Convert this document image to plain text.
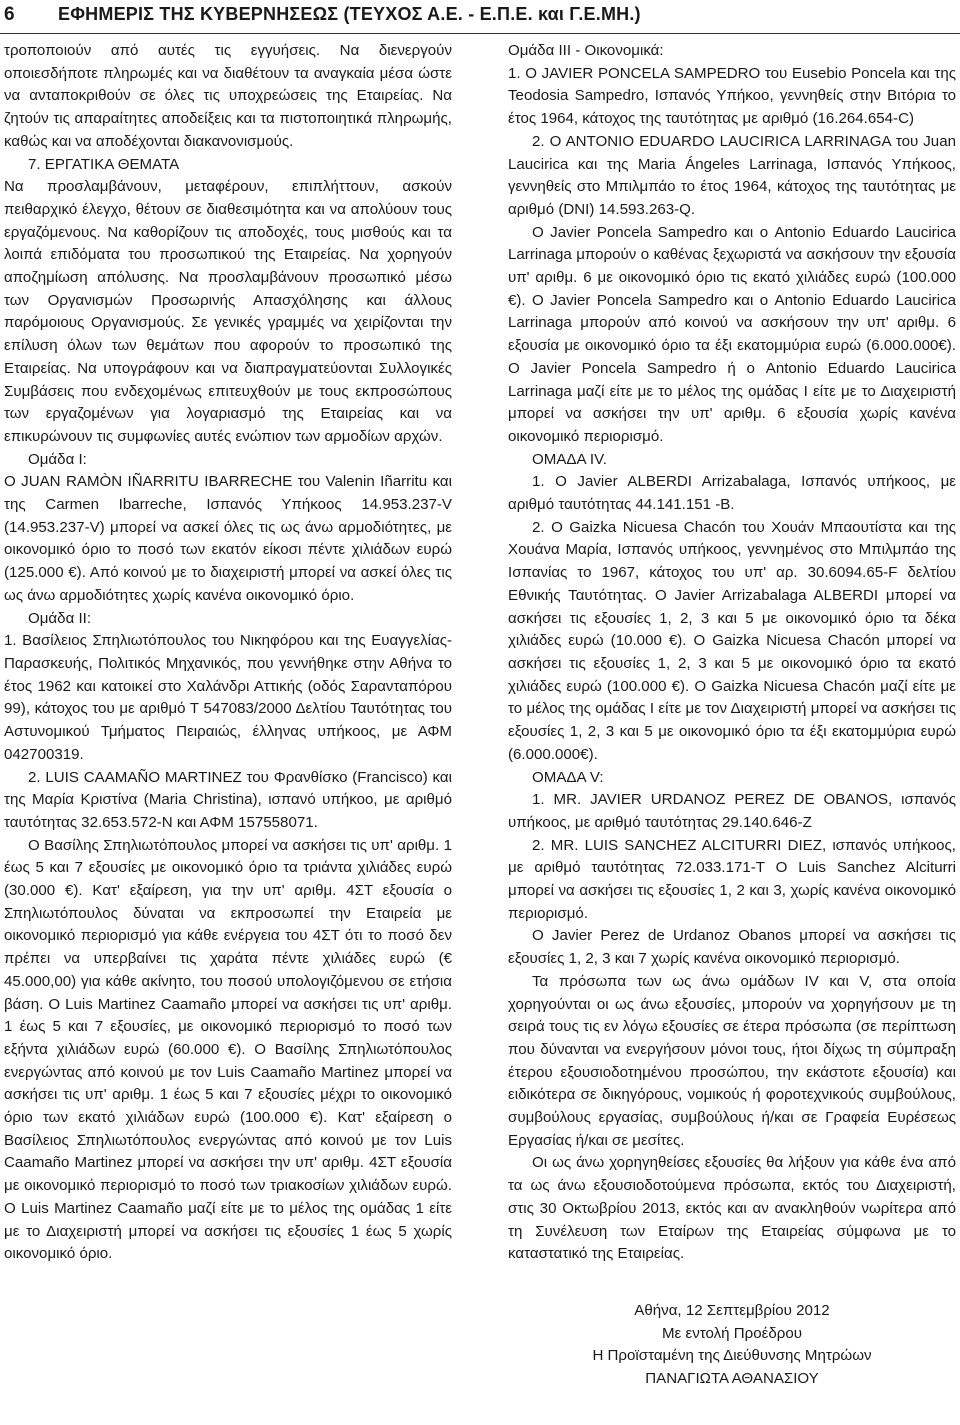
6 ΕΦΗΜΕΡΙΣ ΤΗΣ ΚΥΒΕΡΝΗΣΕΩΣ (ΤΕΥΧΟΣ Α.Ε. - Ε.Π.Ε. και Γ.Ε.ΜΗ.)

τροποποιούν από αυτές τις εγγυήσεις. Να διενεργούν οποιεσδήποτε πληρωμές και να διαθέτουν τα αναγκαία μέσα ώστε να ανταποκριθούν σε όλες τις υποχρεώσεις της Εταιρείας. Να ζητούν τις απαραίτητες αποδείξεις και τα πιστοποιητικά πληρωμής, καθώς και να αποδέχονται διακανονισμούς.

7. ΕΡΓΑΤΙΚΑ ΘΕΜΑΤΑ

Να προσλαμβάνουν, μεταφέρουν, επιπλήττουν, ασκούν πειθαρχικό έλεγχο, θέτουν σε διαθεσιμότητα και να απολύουν τους εργαζόμενους. Να καθορίζουν τις αποδοχές, τους μισθούς και τα λοιπά επιδόματα του προσωπικού της Εταιρείας. Να χορηγούν αποζημίωση απόλυσης. Να προσλαμβάνουν προσωπικό μέσω των Οργανισμών Προσωρινής Απασχόλησης και άλλους παρόμοιους Οργανισμούς. Σε γενικές γραμμές να χειρίζονται την επίλυση όλων των θεμάτων που αφορούν το προσωπικό της Εταιρείας. Να υπογράφουν και να διαπραγματεύονται Συλλογικές Συμβάσεις που ενδεχομένως επιτευχθούν με τους εκπροσώπους των εργαζομένων για λογαριασμό της Εταιρείας και να επικυρώνουν τις συμφωνίες αυτές ενώπιον των αρμοδίων αρχών.

Ομάδα Ι:

O JUAN RAMÒN IÑARRITU IBARRECHE του Valenin Iñarritu και της Carmen Ibarreche, Ισπανός Υπήκοος 14.953.237-V (14.953.237-V) μπορεί να ασκεί όλες τις ως άνω αρμοδιότητες, με οικονομικό όριο το ποσό των εκατόν είκοσι πέντε χιλιάδων ευρώ (125.000 €). Από κοινού με το διαχειριστή μπορεί να ασκεί όλες τις ως άνω αρμοδιότητες χωρίς κανένα οικονομικό όριο.

Ομάδα ΙΙ:

1. Βασίλειος Σπηλιωτόπουλος του Νικηφόρου και της Ευαγγελίας- Παρασκευής, Πολιτικός Μηχανικός, που γεννήθηκε στην Αθήνα το έτος 1962 και κατοικεί στο Χαλάνδρι Αττικής (οδός Σαρανταπόρου 99), κάτοχος του με αριθμό Τ 547083/2000 Δελτίου Ταυτότητας του Αστυνομικού Τμήματος Πειραιώς, έλληνας υπήκοος, με ΑΦΜ 042700319.

2. LUIS CAAMAÑO MARTINEZ του Φρανθίσκο (Francisco) και της Μαρία Κριστίνα (Maria Christina), ισπανό υπήκοο, με αριθμό ταυτότητας 32.653.572-N και ΑΦΜ 157558071.

Ο Βασίλης Σπηλιωτόπουλος μπορεί να ασκήσει τις υπ' αριθμ. 1 έως 5 και 7 εξουσίες με οικονομικό όριο τα τριάντα χιλιάδες ευρώ (30.000 €). Κατ' εξαίρεση, για την υπ' αριθμ. 4ΣΤ εξουσία ο Σπηλιωτόπουλος δύναται να εκπροσωπεί την Εταιρεία με οικονομικό περιορισμό για κάθε ενέργεια του 4ΣΤ ότι το ποσό δεν πρέπει να υπερβαίνει τις χαράτα πέντε χιλιάδες ευρώ (€ 45.000,00) για κάθε ακίνητο, του ποσού υπολογιζόμενου σε ετήσια βάση. Ο Luis Martinez Caamaño μπορεί να ασκήσει τις υπ' αριθμ. 1 έως 5 και 7 εξουσίες, με οικονομικό περιορισμό το ποσό των εξήντα χιλιάδων ευρώ (60.000 €). Ο Βασίλης Σπηλιωτόπουλος ενεργώντας από κοινού με τον Luis Caamaño Martinez μπορεί να ασκήσει τις υπ' αριθμ. 1 έως 5 και 7 εξουσίες μέχρι το οικονομικό όριο των εκατό χιλιάδων ευρώ (100.000 €). Κατ' εξαίρεση ο Βασίλειος Σπηλιωτόπουλος ενεργώντας από κοινού με τον Luis Caamaño Martinez μπορεί να ασκήσει την υπ' αριθμ. 4ΣΤ εξουσία με οικονομικό περιορισμό το ποσό των τριακοσίων χιλιάδων ευρώ. Ο Luis Martinez Caamaño μαζί είτε με το μέλος της ομάδας 1 είτε με το Διαχειριστή μπορεί να ασκήσει τις εξουσίες 1 έως 5 χωρίς οικονομικό όριο.

Ομάδα ΙΙΙ - Οικονομικά:

1. O JAVIER PONCELA SAMPEDRO του Eusebio Poncela και της Teodosia Sampedro, Ισπανός Υπήκοο, γεννηθείς στην Βιτόρια το έτος 1964, κάτοχος της ταυτότητας με αριθμό (16.264.654-C)

2. O ANTONIO EDUARDO LAUCIRICA LARRINAGA του Juan Laucirica και της Maria Ángeles Larrinaga, Ισπανός Υπήκοος, γεννηθείς στο Μπιλμπάο το έτος 1964, κάτοχος της ταυτότητας με αριθμό (DNI) 14.593.263-Q.

O Javier Poncela Sampedro και ο Antonio Eduardo Laucirica Larrinaga μπορούν ο καθένας ξεχωριστά να ασκήσουν την εξουσία υπ' αριθμ. 6 με οικονομικό όριο τις εκατό χιλιάδες ευρώ (100.000 €). O Javier Poncela Sampedro και ο Antonio Eduardo Laucirica Larrinaga μπορούν από κοινού να ασκήσουν την υπ' αριθμ. 6 εξουσία με οικονομικό όριο τα έξι εκατομμύρια ευρώ (6.000.000€). O Javier Poncela Sampedro ή ο Antonio Eduardo Laucirica Larrinaga μαζί είτε με το μέλος της ομάδας Ι είτε με το Διαχειριστή μπορεί να ασκήσει την υπ' αριθμ. 6 εξουσία χωρίς κανένα οικονομικό περιορισμό.

ΟΜΑΔΑ IV.

1. O Javier ALBERDI Arrizabalaga, Ισπανός υπήκοος, με αριθμό ταυτότητας 44.141.151 -B.

2. O Gaizka Nicuesa Chacón του Χουάν Μπαουτίστα και της Χουάνα Μαρία, Ισπανός υπήκοος, γεννημένος στο Μπιλμπάο της Ισπανίας το 1967, κάτοχος του υπ' αρ. 30.6094.65-F δελτίου Εθνικής Ταυτότητας. O Javier Arrizabalaga ALBERDI μπορεί να ασκήσει τις εξουσίες 1, 2, 3 και 5 με οικονομικό όριο τα δέκα χιλιάδες ευρώ (10.000 €). O Gaizka Nicuesa Chacón μπορεί να ασκήσει τις εξουσίες 1, 2, 3 και 5 με οικονομικό όριο τα εκατό χιλιάδες ευρώ (100.000 €). O Gaizka Nicuesa Chacón μαζί είτε με το μέλος της ομάδας Ι είτε με τον Διαχειριστή μπορεί να ασκήσει τις εξουσίες 1, 2, 3 και 5 με οικονομικό όριο τα έξι εκατομμύρια ευρώ (6.000.000€).

ΟΜΑΔΑ V:

1. MR. JAVIER URDANOZ PEREZ DE OBANOS, ισπανός υπήκοος, με αριθμό ταυτότητας 29.140.646-Z

2. MR. LUIS SANCHEZ ALCITURRI DIEZ, ισπανός υπήκοος, με αριθμό ταυτότητας 72.033.171-T O Luis Sanchez Alciturri μπορεί να ασκήσει τις εξουσίες 1, 2 και 3, χωρίς κανένα οικονομικό περιορισμό.

O Javier Perez de Urdanoz Obanos μπορεί να ασκήσει τις εξουσίες 1, 2, 3 και 7 χωρίς κανένα οικονομικό περιορισμό.

Τα πρόσωπα των ως άνω ομάδων IV και V, στα οποία χορηγούνται οι ως άνω εξουσίες, μπορούν να χορηγήσουν με τη σειρά τους τις εν λόγω εξουσίες σε έτερα πρόσωπα (σε περίπτωση που δύνανται να ενεργήσουν μόνοι τους, ήτοι δίχως τη σύμπραξη έτερου εξουσιοδοτημένου προσώπου, την εκάστοτε εξουσία) και ειδικότερα σε δικηγόρους, νομικούς ή φοροτεχνικούς συμβούλους, συμβούλους εργασίας, συμβούλους ή/και σε Γραφεία Ευρέσεως Εργασίας ή/και σε μεσίτες.

Οι ως άνω χορηγηθείσες εξουσίες θα λήξουν για κάθε ένα από τα ως άνω εξουσιοδοτούμενα πρόσωπα, εκτός του Διαχειριστή, στις 30 Οκτωβρίου 2013, εκτός και αν ανακληθούν νωρίτερα από τη Συνέλευση των Εταίρων της Εταιρείας σύμφωνα με το καταστατικό της Εταιρείας.

Αθήνα, 12 Σεπτεμβρίου 2012

Με εντολή Προέδρου

Η Προϊσταμένη της Διεύθυνσης Μητρώων

ΠΑΝΑΓΙΩΤΑ ΑΘΑΝΑΣΙΟΥ
